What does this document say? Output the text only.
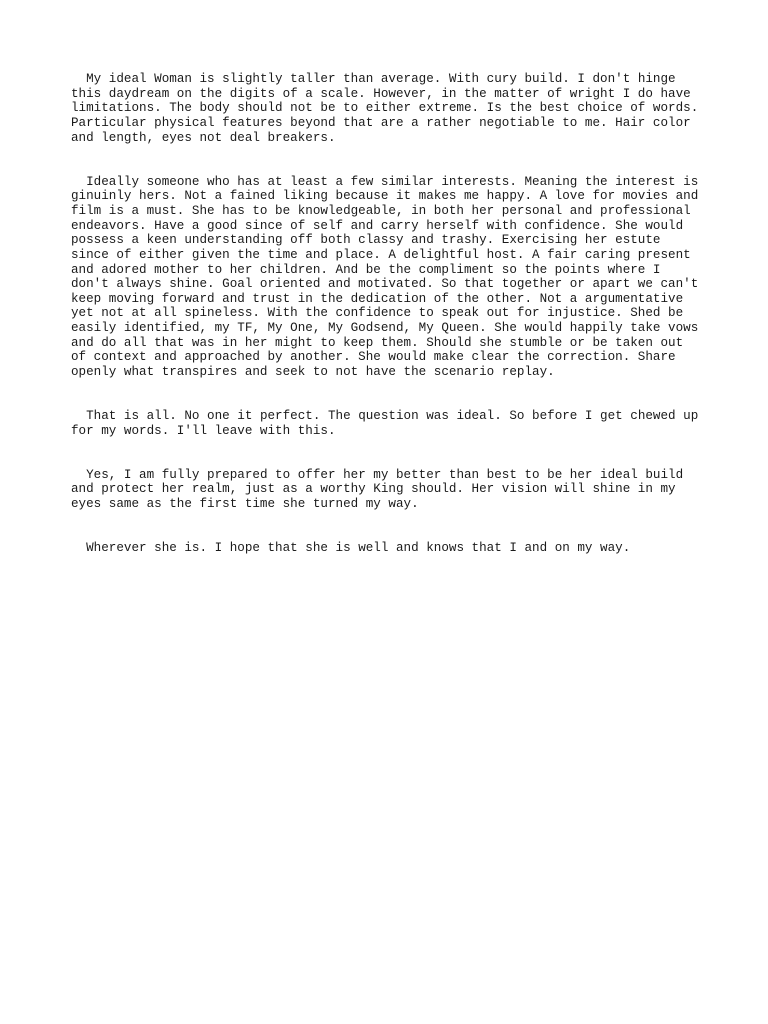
My ideal Woman is slightly taller than average. With cury build. I don't hinge
this daydream on the digits of a scale. However, in the matter of wright I do have
limitations. The body should not be to either extreme. Is the best choice of words.
Particular physical features beyond that are a rather negotiable to me. Hair color
and length, eyes not deal breakers.

Ideally someone who has at least a few similar interests. Meaning the interest is
ginuinly hers. Not a fained liking because it makes me happy. A love for movies and
film is a must. She has to be knowledgeable, in both her personal and professional
endeavors. Have a good since of self and carry herself with confidence. She would
possess a keen understanding off both classy and trashy. Exercising her estute
since of either given the time and place. A delightful host. A fair caring present
and adored mother to her children. And be the compliment so the points where I
don't always shine. Goal oriented and motivated. So that together or apart we can't
keep moving forward and trust in the dedication of the other. Not a argumentative
yet not at all spineless. With the confidence to speak out for injustice. Shed be
easily identified, my TF, My One, My Godsend, My Queen. She would happily take vows
and do all that was in her might to keep them. Should she stumble or be taken out
of context and approached by another. She would make clear the correction. Share
openly what transpires and seek to not have the scenario replay.

That is all. No one it perfect. The question was ideal. So before I get chewed up
for my words. I'll leave with this.

Yes, I am fully prepared to offer her my better than best to be her ideal build
and protect her realm, just as a worthy King should. Her vision will shine in my
eyes same as the first time she turned my way.

Wherever she is. I hope that she is well and knows that I and on my way.
